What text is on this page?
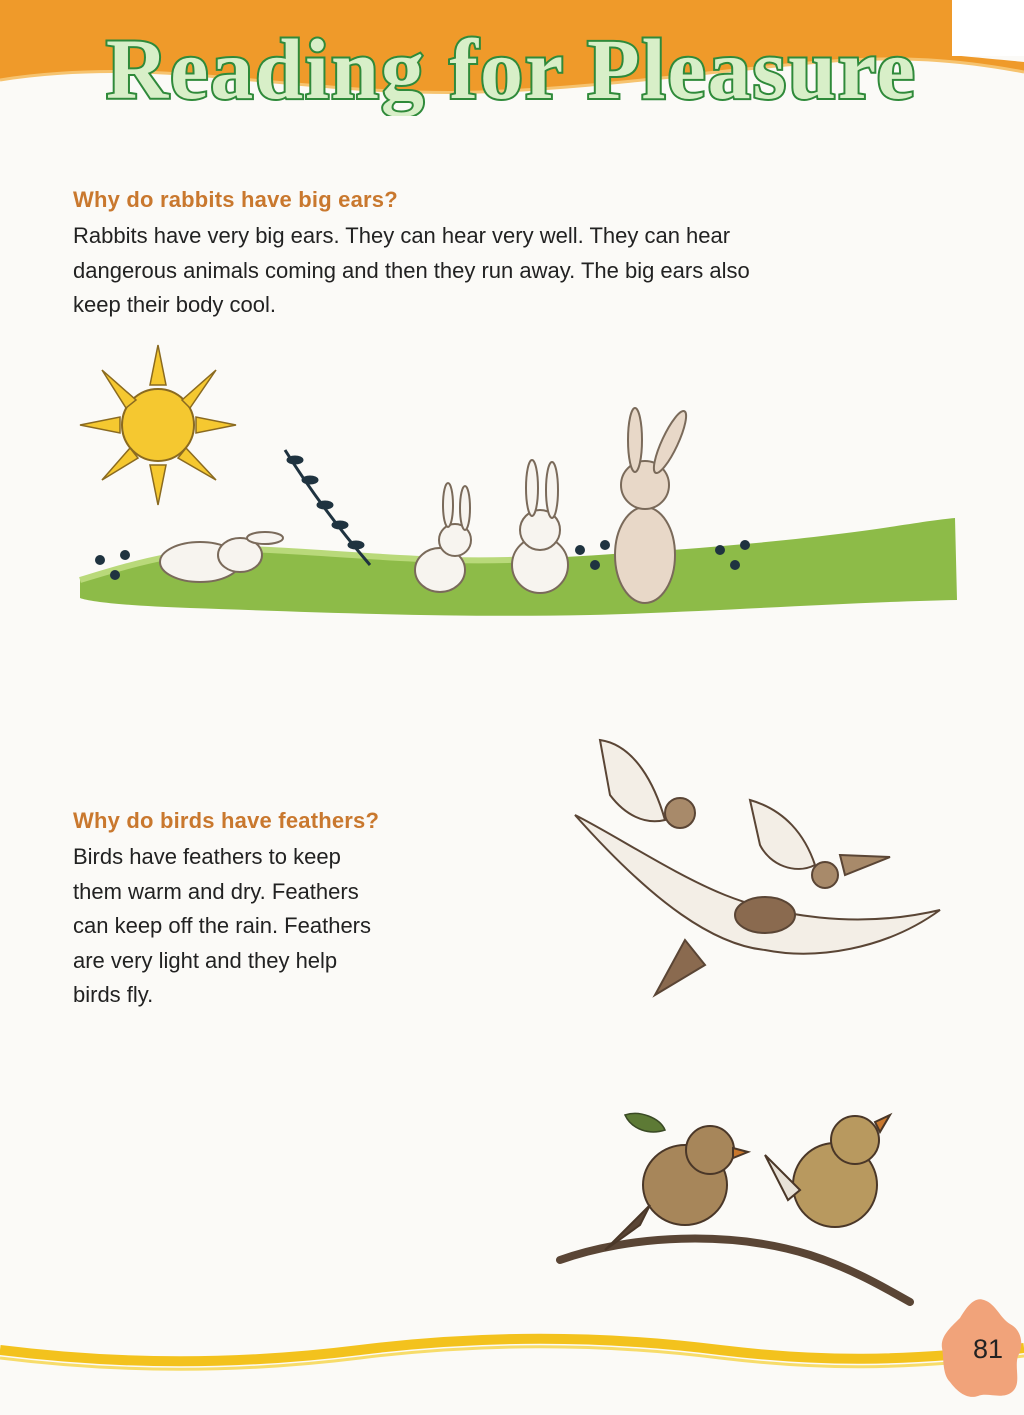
Reading for Pleasure
Why do rabbits have big ears?
Rabbits have very big ears. They can hear very well. They can hear
dangerous animals coming and then they run away. The big ears also
keep their body cool.
Why do birds have feathers?
Birds have feathers to keep
them warm and dry. Feathers
can keep off the rain. Feathers
are very light and they help
birds fly.
81
